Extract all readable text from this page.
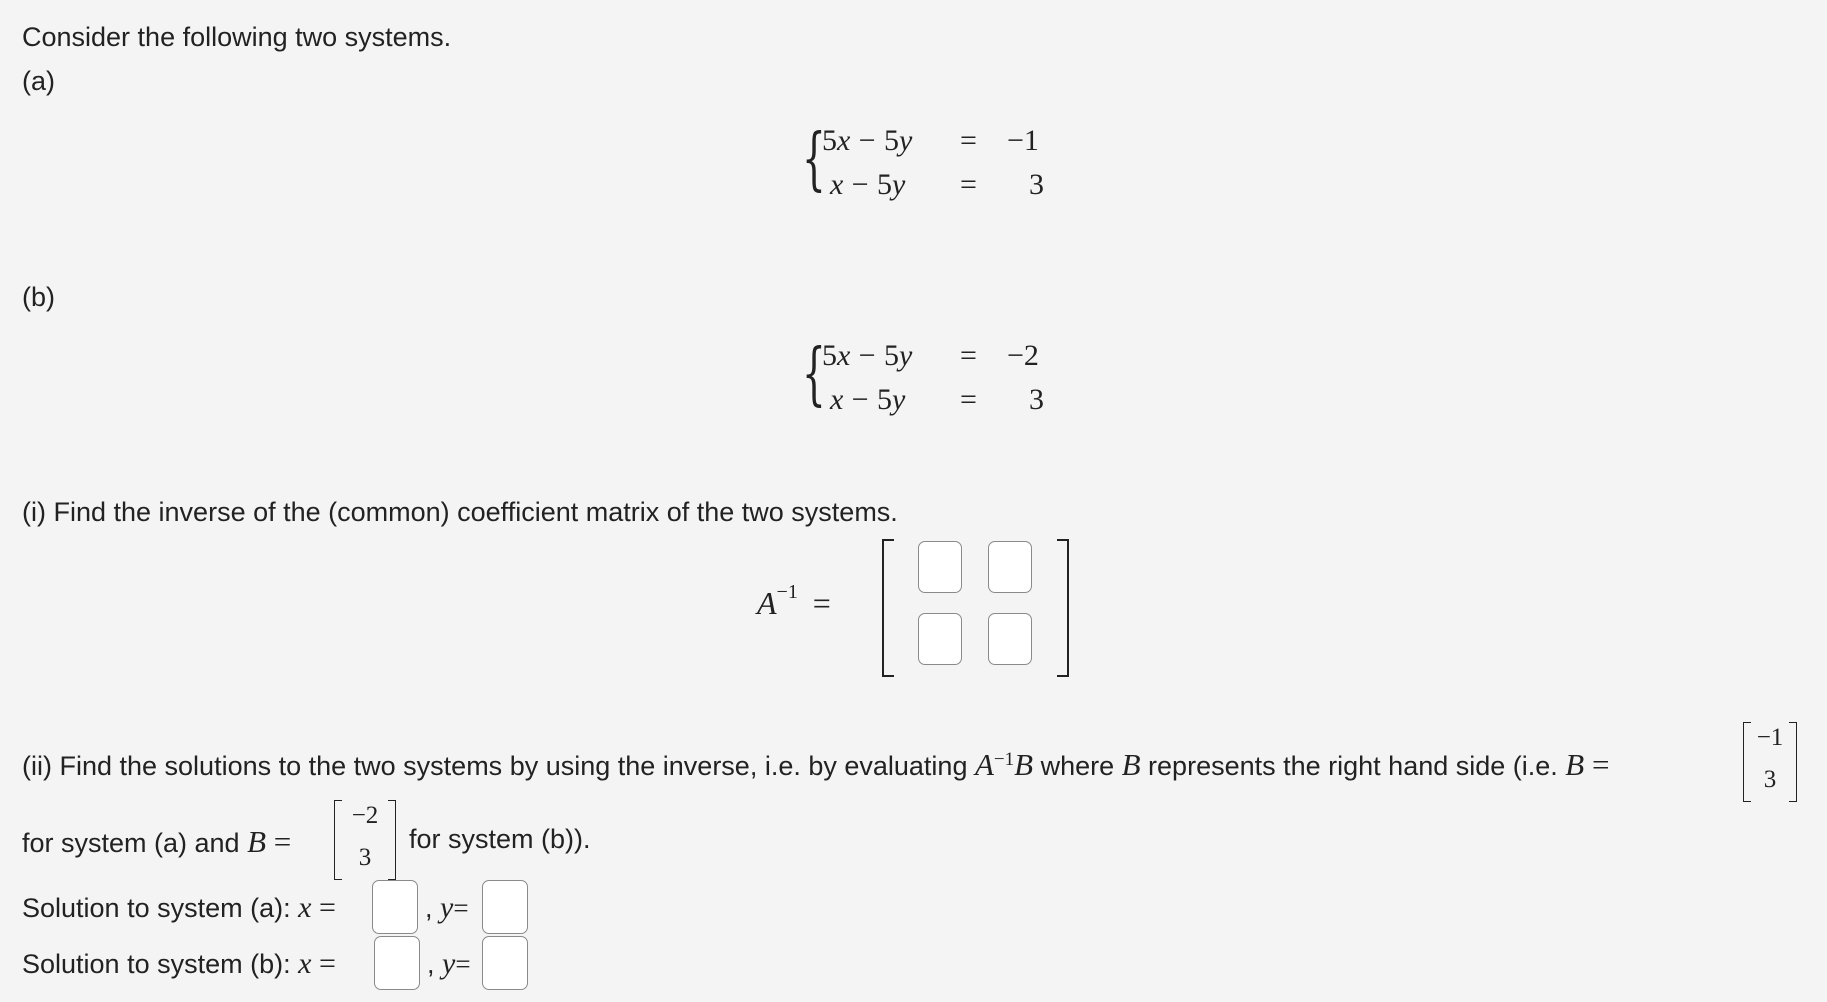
Consider the following two systems.
(a)
{
5x − 5y = −1
x − 5y = 3
(b)
{
5x − 5y = −2
x − 5y = 3
(i) Find the inverse of the (common) coefficient matrix of the two systems.
$A^{-1}$ =
(ii) Find the solutions to the two systems by using the inverse, i.e. by evaluating $A^{-1}B$ where B represents the right hand side (i.e. B =
−1
3
for system (a) and B =
−2
3
for system (b)).
Solution to system (a): x =	, y=
Solution to system (b): x =	, y=
